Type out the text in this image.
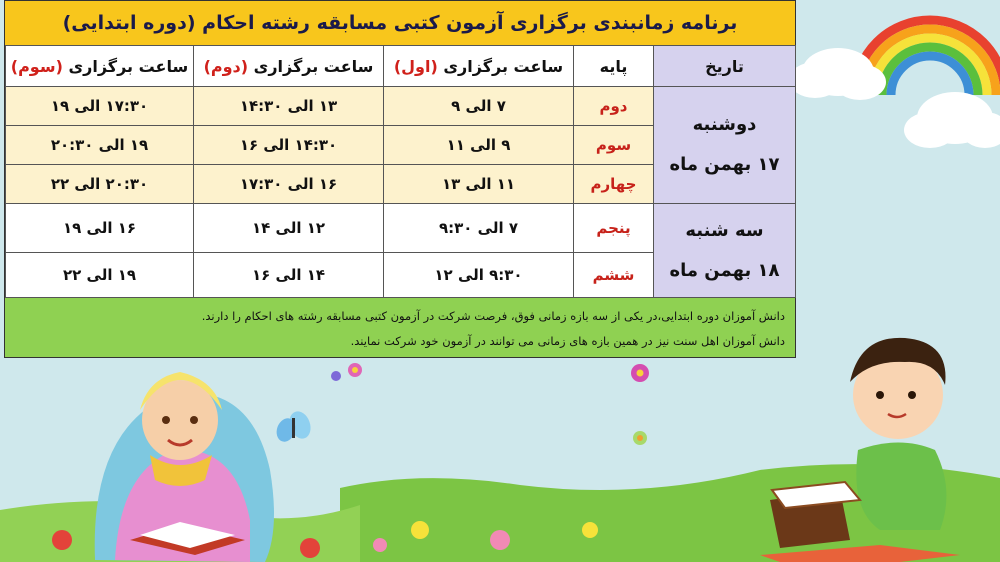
برنامه زمانبندی برگزاری آزمون کتبی مسابقه رشته احکام (دوره ابتدایی)
تاریخ	پایه	ساعت برگزاری (اول)	ساعت برگزاری (دوم)	ساعت برگزاری (سوم)

دوشنبه
۱۷ بهمن ماه	دوم	۷ الی ۹	۱۳ الی ۱۴:۳۰	۱۷:۳۰ الی ۱۹
	سوم	۹ الی ۱۱	۱۴:۳۰ الی ۱۶	۱۹ الی ۲۰:۳۰
	چهارم	۱۱ الی ۱۳	۱۶ الی ۱۷:۳۰	۲۰:۳۰ الی ۲۲

سه شنبه
۱۸ بهمن ماه	پنجم	۷ الی ۹:۳۰	۱۲ الی ۱۴	۱۶ الی ۱۹
	ششم	۹:۳۰ الی ۱۲	۱۴ الی ۱۶	۱۹ الی ۲۲
دانش آموزان دوره ابتدایی،در یکی از سه بازه زمانی فوق، فرصت شرکت در آزمون کتبی مسابقه رشته های احکام را دارند.
دانش آموزان اهل سنت نیز در همین بازه های زمانی می توانند در آزمون خود شرکت نمایند.
